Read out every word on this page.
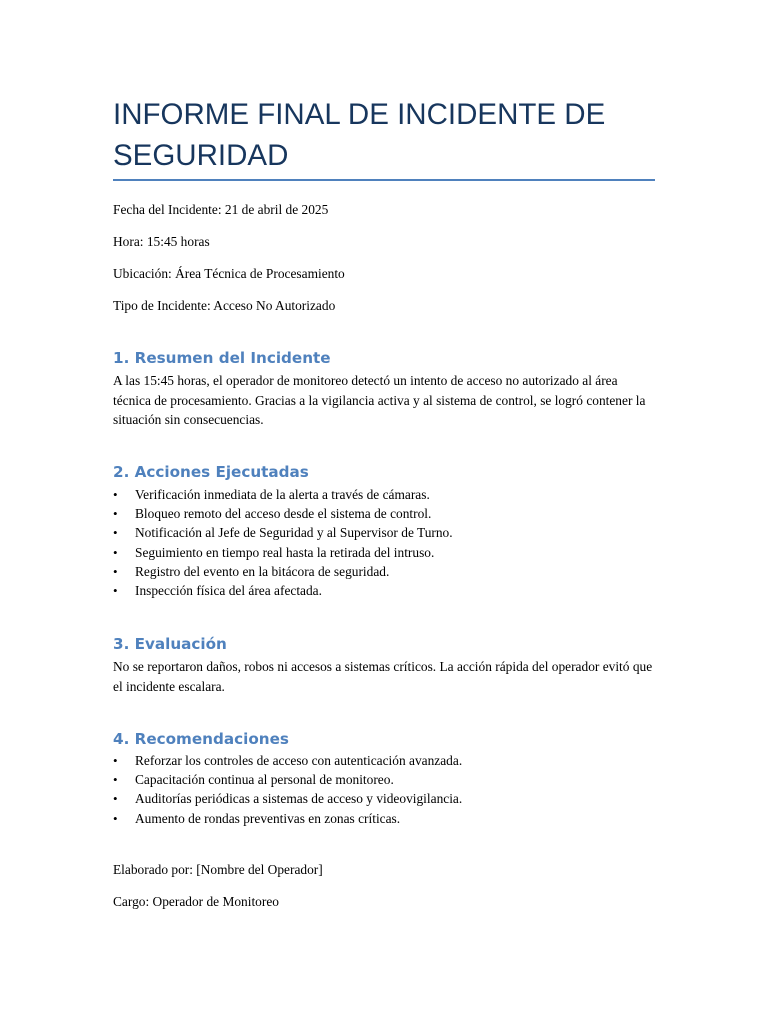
INFORME FINAL DE INCIDENTE DE SEGURIDAD

Fecha del Incidente: 21 de abril de 2025

Hora: 15:45 horas

Ubicación: Área Técnica de Procesamiento

Tipo de Incidente: Acceso No Autorizado

1. Resumen del Incidente

A las 15:45 horas, el operador de monitoreo detectó un intento de acceso no autorizado al área técnica de procesamiento. Gracias a la vigilancia activa y al sistema de control, se logró contener la situación sin consecuencias.

2. Acciones Ejecutadas
• Verificación inmediata de la alerta a través de cámaras.
• Bloqueo remoto del acceso desde el sistema de control.
• Notificación al Jefe de Seguridad y al Supervisor de Turno.
• Seguimiento en tiempo real hasta la retirada del intruso.
• Registro del evento en la bitácora de seguridad.
• Inspección física del área afectada.
3. Evaluación

No se reportaron daños, robos ni accesos a sistemas críticos. La acción rápida del operador evitó que el incidente escalara.

4. Recomendaciones
• Reforzar los controles de acceso con autenticación avanzada.
• Capacitación continua al personal de monitoreo.
• Auditorías periódicas a sistemas de acceso y videovigilancia.
• Aumento de rondas preventivas en zonas críticas.

Elaborado por: [Nombre del Operador]

Cargo: Operador de Monitoreo
